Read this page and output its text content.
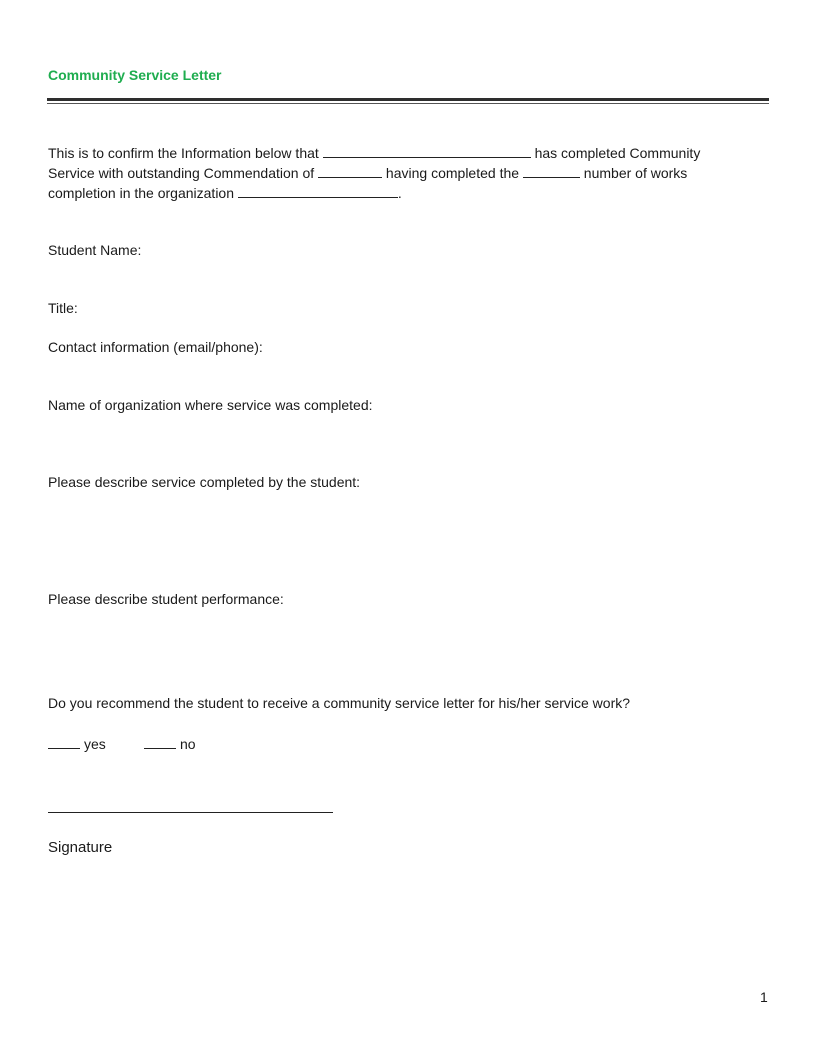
Community Service Letter
This is to confirm the Information below that	has completed Community Service with outstanding Commendation of	having completed the	number of works completion in the organization	.
Student Name:
Title:
Contact information (email/phone):
Name of organization where service was completed:
Please describe service completed by the student:
Please describe student performance:
Do you recommend the student to receive a community service letter for his/her service work?
yes	no
Signature
1
